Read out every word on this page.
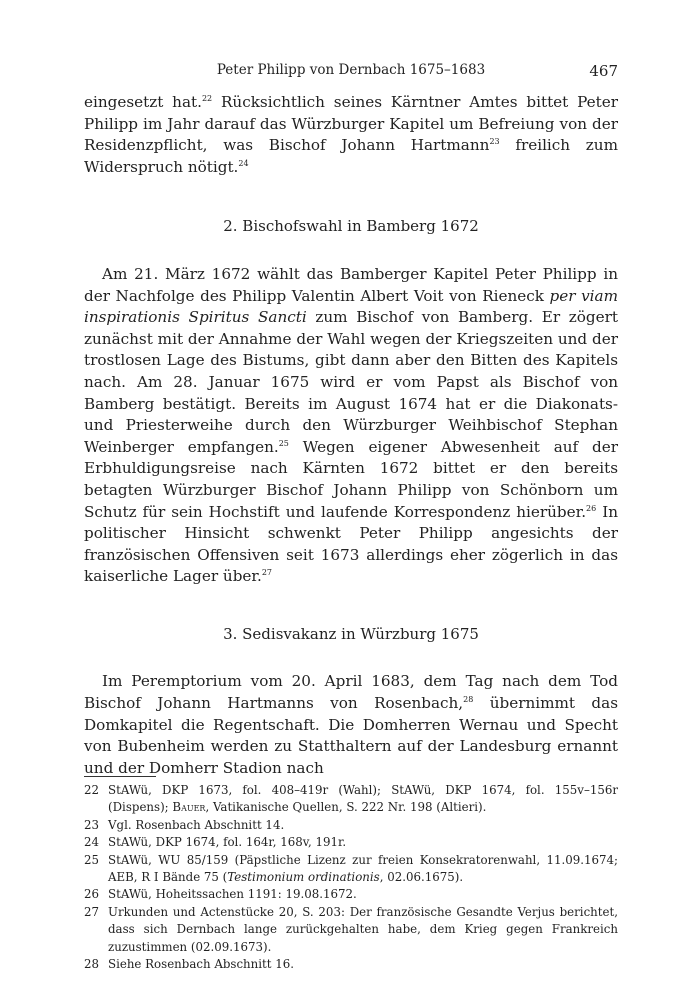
Peter Philipp von Dernbach 1675–1683	467

eingesetzt hat.$^{22}$ Rücksichtlich seines Kärntner Amtes bittet Peter Philipp im Jahr darauf das Würzburger Kapitel um Befreiung von der Residenzpflicht, was Bischof Johann Hartmann$^{23}$ freilich zum Widerspruch nötigt.$^{24}$

2. Bischofswahl in Bamberg 1672

Am 21. März 1672 wählt das Bamberger Kapitel Peter Philipp in der Nachfolge des Philipp Valentin Albert Voit von Rieneck per viam inspirationis Spiritus Sancti zum Bischof von Bamberg. Er zögert zunächst mit der Annahme der Wahl wegen der Kriegszeiten und der trostlosen Lage des Bistums, gibt dann aber den Bitten des Kapitels nach. Am 28. Januar 1675 wird er vom Papst als Bischof von Bamberg bestätigt. Bereits im August 1674 hat er die Diakonats- und Priesterweihe durch den Würzburger Weihbischof Stephan Weinberger empfangen.$^{25}$ Wegen eigener Abwesenheit auf der Erbhuldigungsreise nach Kärnten 1672 bittet er den bereits betagten Würzburger Bischof Johann Philipp von Schönborn um Schutz für sein Hochstift und laufende Korrespondenz hierüber.$^{26}$ In politischer Hinsicht schwenkt Peter Philipp angesichts der französischen Offensiven seit 1673 allerdings eher zögerlich in das kaiserliche Lager über.$^{27}$

3. Sedisvakanz in Würzburg 1675

Im Peremptorium vom 20. April 1683, dem Tag nach dem Tod Bischof Johann Hartmanns von Rosenbach,$^{28}$ übernimmt das Domkapitel die Regentschaft. Die Domherren Wernau und Specht von Bubenheim werden zu Statthaltern auf der Landesburg ernannt und der Domherr Stadion nach

22 StAWü, DKP 1673, fol. 408–419r (Wahl); StAWü, DKP 1674, fol. 155v–156r (Dispens); Bauer, Vatikanische Quellen, S. 222 Nr. 198 (Altieri).
23 Vgl. Rosenbach Abschnitt 14.
24 StAWü, DKP 1674, fol. 164r, 168v, 191r.
25 StAWü, WU 85/159 (Päpstliche Lizenz zur freien Konsekratorenwahl, 11.09.1674; AEB, R I Bände 75 (Testimonium ordinationis, 02.06.1675).
26 StAWü, Hoheitssachen 1191: 19.08.1672.
27 Urkunden und Actenstücke 20, S. 203: Der französische Gesandte Verjus berichtet, dass sich Dernbach lange zurückgehalten habe, dem Krieg gegen Frankreich zuzustimmen (02.09.1673).
28 Siehe Rosenbach Abschnitt 16.
